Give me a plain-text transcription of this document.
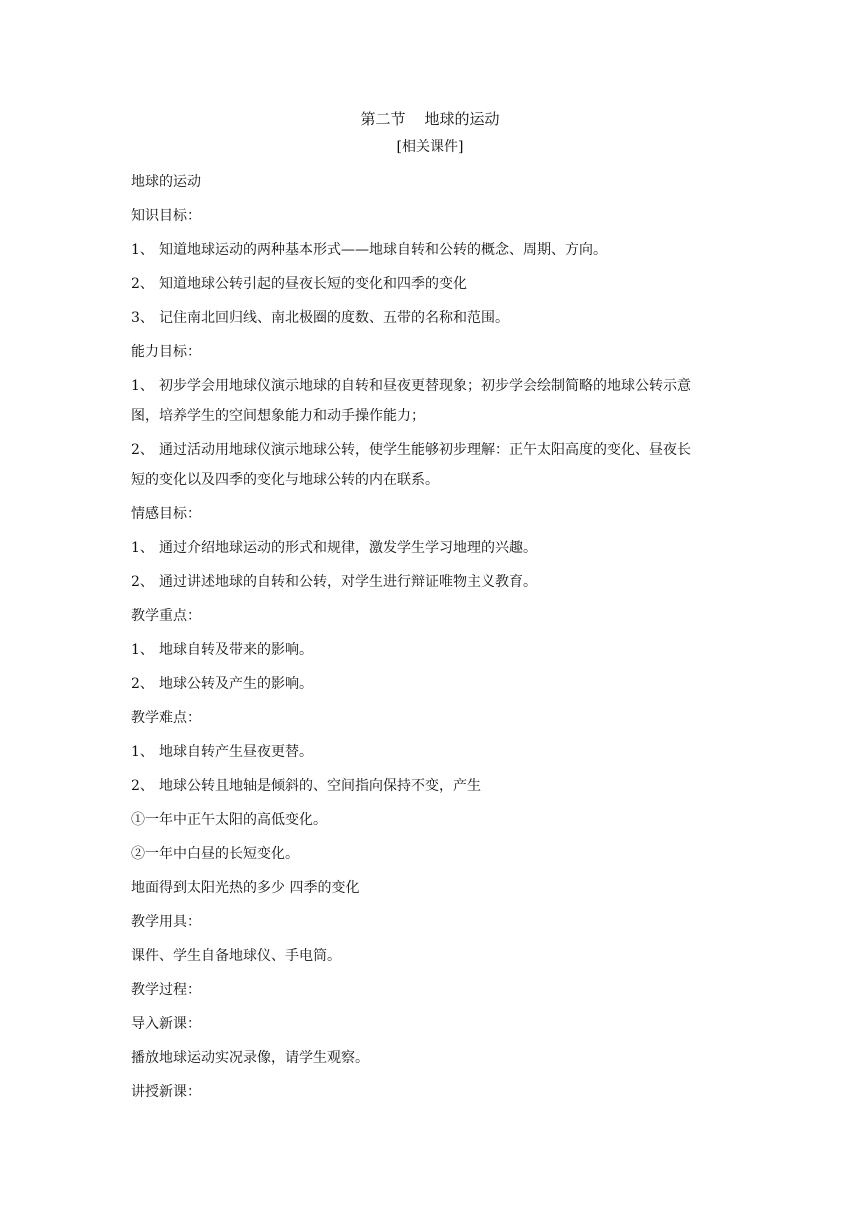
第二节    地球的运动
[相关课件]
地球的运动
知识目标：
1、 知道地球运动的两种基本形式——地球自转和公转的概念、周期、方向。
2、 知道地球公转引起的昼夜长短的变化和四季的变化
3、 记住南北回归线、南北极圈的度数、五带的名称和范围。
能力目标：
1、 初步学会用地球仪演示地球的自转和昼夜更替现象；初步学会绘制简略的地球公转示意
图，培养学生的空间想象能力和动手操作能力；
2、 通过活动用地球仪演示地球公转，使学生能够初步理解：正午太阳高度的变化、昼夜长
短的变化以及四季的变化与地球公转的内在联系。
情感目标：
1、 通过介绍地球运动的形式和规律，激发学生学习地理的兴趣。
2、 通过讲述地球的自转和公转，对学生进行辩证唯物主义教育。
教学重点：
1、 地球自转及带来的影响。
2、 地球公转及产生的影响。
教学难点：
1、 地球自转产生昼夜更替。
2、 地球公转且地轴是倾斜的、空间指向保持不变，产生
①一年中正午太阳的高低变化。
②一年中白昼的长短变化。
地面得到太阳光热的多少 四季的变化
教学用具：
课件、学生自备地球仪、手电筒。
教学过程：
导入新课：
播放地球运动实况录像，请学生观察。
讲授新课：
